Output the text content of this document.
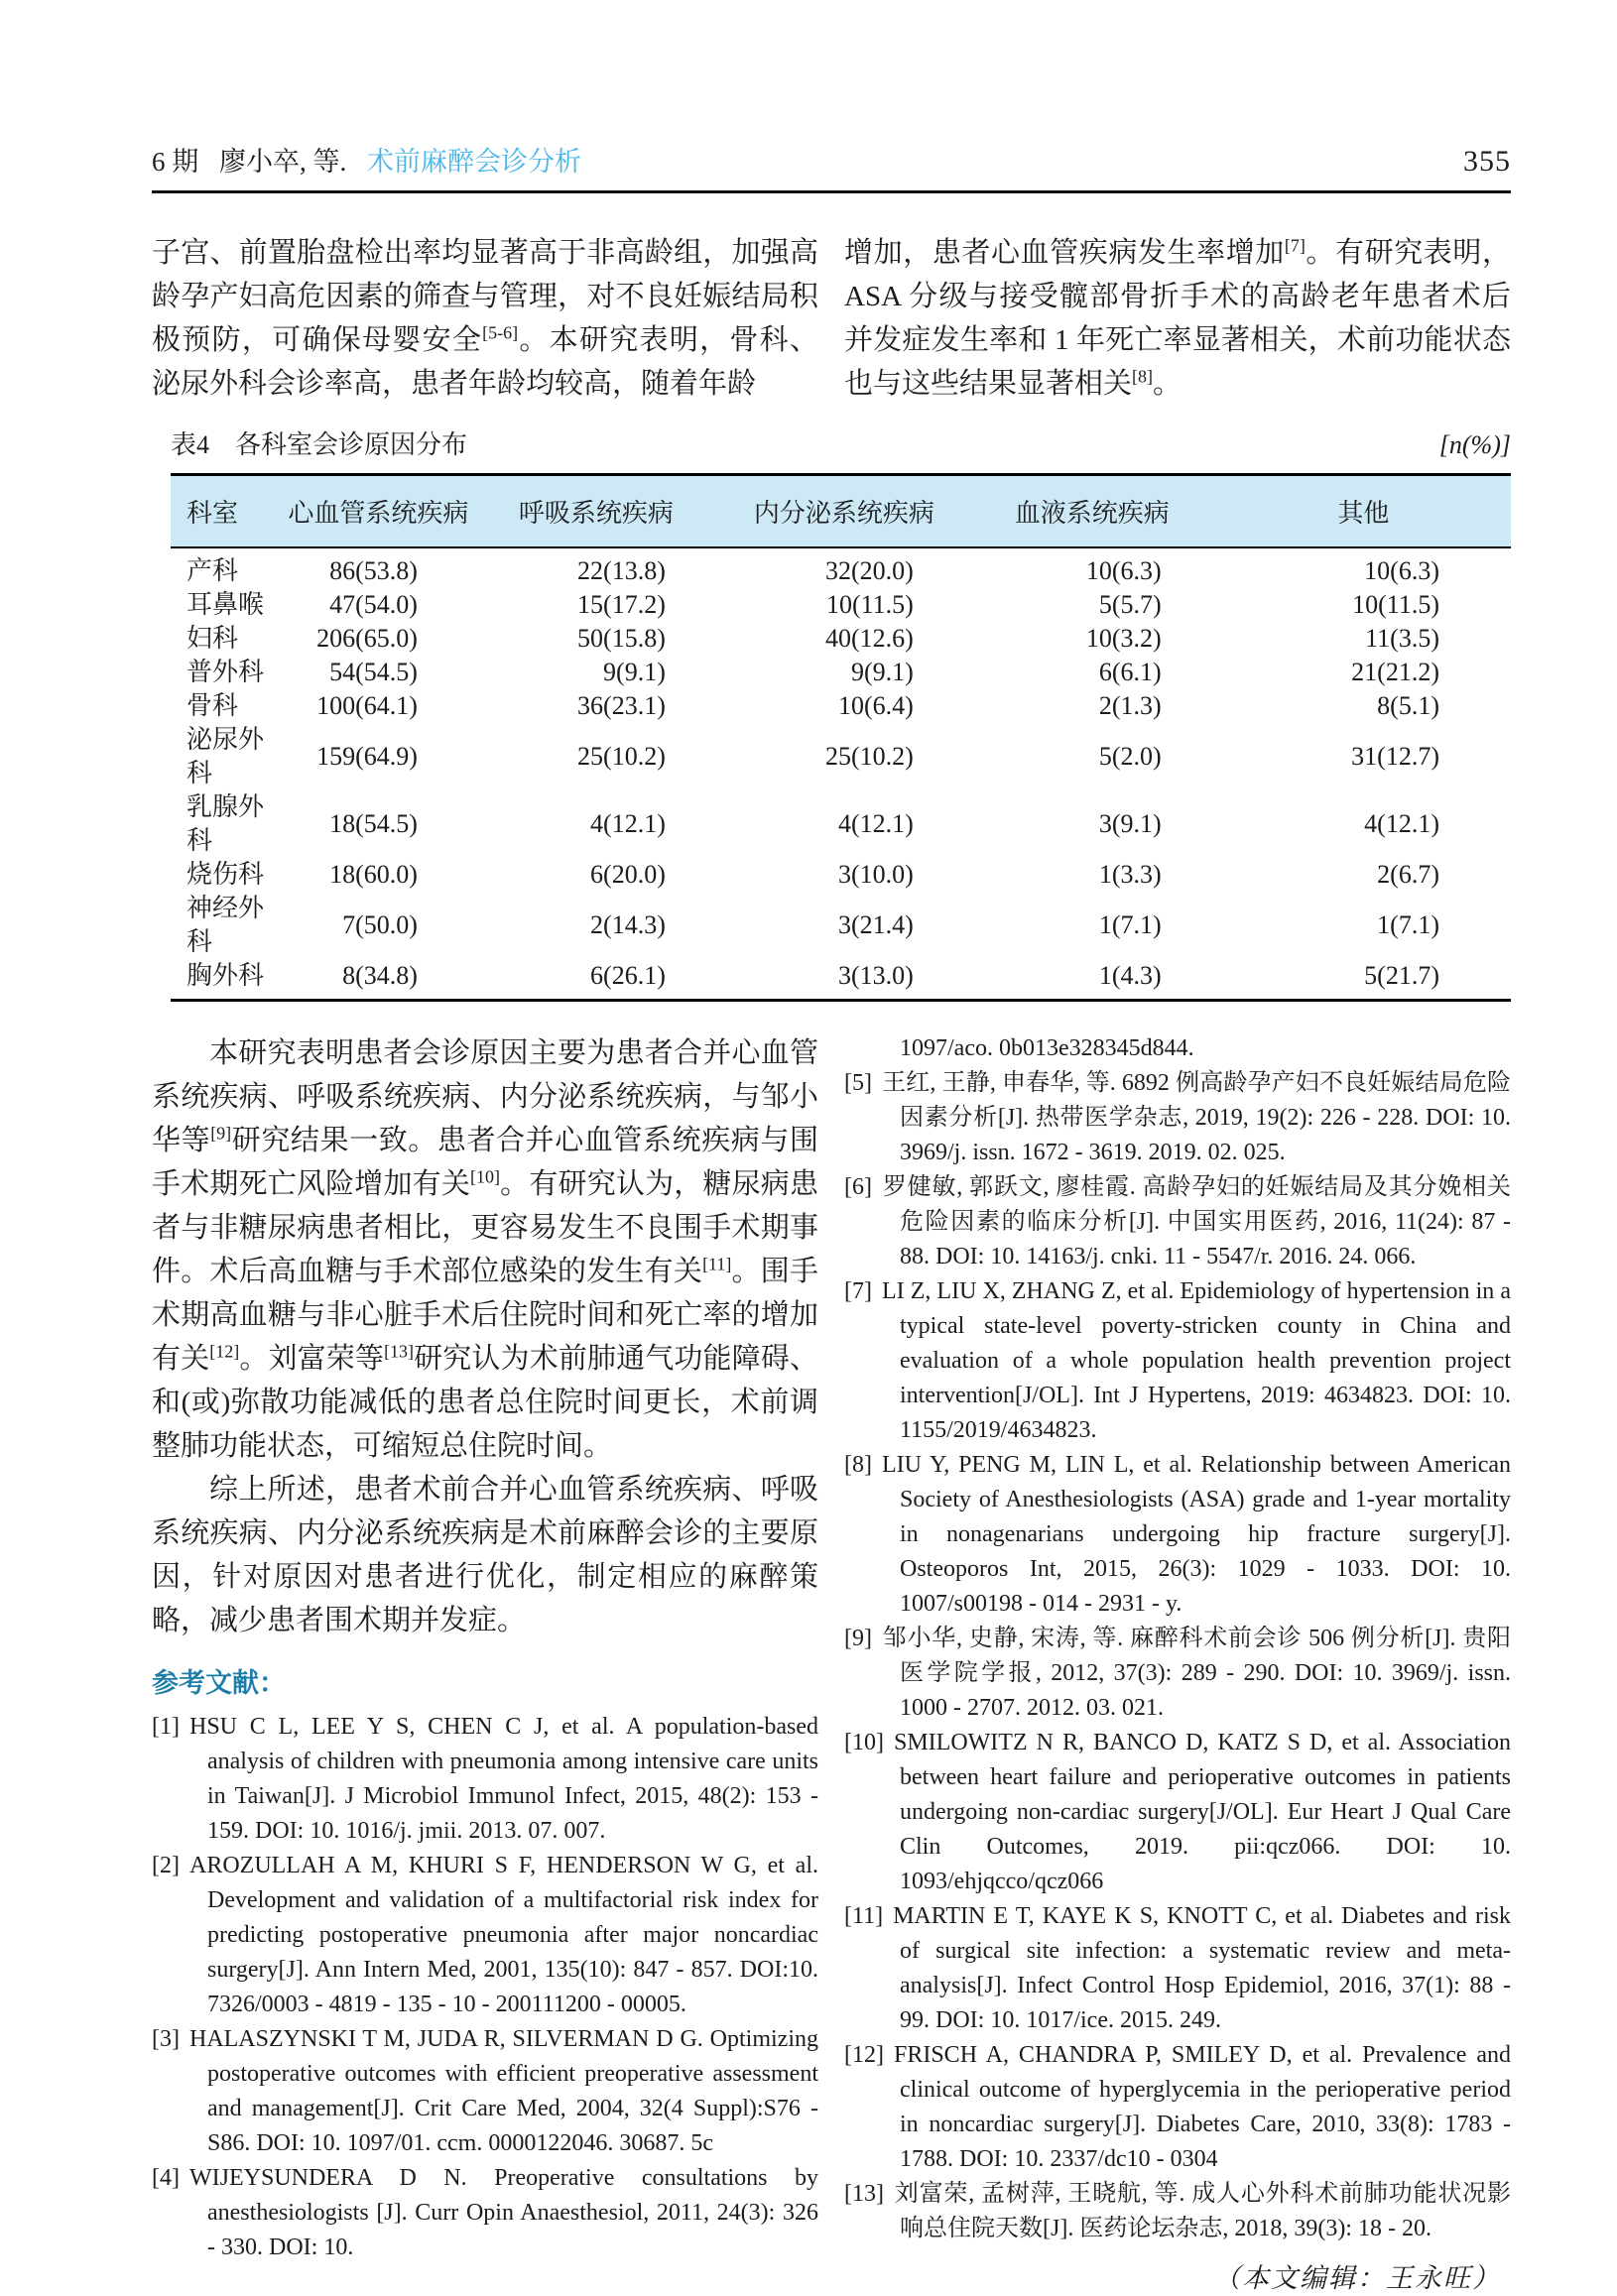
6 期 廖小卒, 等. 术前麻醉会诊分析	355

子宫、前置胎盘检出率均显著高于非高龄组，加强高龄孕产妇高危因素的筛查与管理，对不良妊娠结局积极预防，可确保母婴安全[5-6]。本研究表明，骨科、泌尿外科会诊率高，患者年龄均较高，随着年龄

增加，患者心血管疾病发生率增加[7]。有研究表明，ASA 分级与接受髋部骨折手术的高龄老年患者术后并发症发生率和 1 年死亡率显著相关，术前功能状态也与这些结果显著相关[8]。

表4　各科室会诊原因分布	[n(%)]
科室	心血管系统疾病	呼吸系统疾病	内分泌系统疾病	血液系统疾病	其他
产科	86(53.8)	22(13.8)	32(20.0)	10(6.3)	10(6.3)
耳鼻喉	47(54.0)	15(17.2)	10(11.5)	5(5.7)	10(11.5)
妇科	206(65.0)	50(15.8)	40(12.6)	10(3.2)	11(3.5)
普外科	54(54.5)	9(9.1)	9(9.1)	6(6.1)	21(21.2)
骨科	100(64.1)	36(23.1)	10(6.4)	2(1.3)	8(5.1)
泌尿外科	159(64.9)	25(10.2)	25(10.2)	5(2.0)	31(12.7)
乳腺外科	18(54.5)	4(12.1)	4(12.1)	3(9.1)	4(12.1)
烧伤科	18(60.0)	6(20.0)	3(10.0)	1(3.3)	2(6.7)
神经外科	7(50.0)	2(14.3)	3(21.4)	1(7.1)	1(7.1)
胸外科	8(34.8)	6(26.1)	3(13.0)	1(4.3)	5(21.7)

本研究表明患者会诊原因主要为患者合并心血管系统疾病、呼吸系统疾病、内分泌系统疾病，与邹小华等[9]研究结果一致。患者合并心血管系统疾病与围手术期死亡风险增加有关[10]。有研究认为，糖尿病患者与非糖尿病患者相比，更容易发生不良围手术期事件。术后高血糖与手术部位感染的发生有关[11]。围手术期高血糖与非心脏手术后住院时间和死亡率的增加有关[12]。刘富荣等[13]研究认为术前肺通气功能障碍、和(或)弥散功能减低的患者总住院时间更长，术前调整肺功能状态，可缩短总住院时间。

综上所述，患者术前合并心血管系统疾病、呼吸系统疾病、内分泌系统疾病是术前麻醉会诊的主要原因，针对原因对患者进行优化，制定相应的麻醉策略，减少患者围术期并发症。

参考文献：
[1] HSU C L, LEE Y S, CHEN C J, et al. A population-based analysis of children with pneumonia among intensive care units in Taiwan[J]. J Microbiol Immunol Infect, 2015, 48(2): 153 - 159. DOI: 10. 1016/j. jmii. 2013. 07. 007.
[2] AROZULLAH A M, KHURI S F, HENDERSON W G, et al. Development and validation of a multifactorial risk index for predicting postoperative pneumonia after major noncardiac surgery[J]. Ann Intern Med, 2001, 135(10): 847 - 857. DOI:10. 7326/0003 - 4819 - 135 - 10 - 200111200 - 00005.
[3] HALASZYNSKI T M, JUDA R, SILVERMAN D G. Optimizing postoperative outcomes with efficient preoperative assessment and management[J]. Crit Care Med, 2004, 32(4 Suppl):S76 - S86. DOI: 10. 1097/01. ccm. 0000122046. 30687. 5c
[4] WIJEYSUNDERA D N. Preoperative consultations by anesthesiologists [J]. Curr Opin Anaesthesiol, 2011, 24(3): 326 - 330. DOI: 10.
1097/aco. 0b013e328345d844.
[5] 王红, 王静, 申春华, 等. 6892 例高龄孕产妇不良妊娠结局危险因素分析[J]. 热带医学杂志, 2019, 19(2): 226 - 228. DOI: 10. 3969/j. issn. 1672 - 3619. 2019. 02. 025.
[6] 罗健敏, 郭跃文, 廖桂霞. 高龄孕妇的妊娠结局及其分娩相关危险因素的临床分析[J]. 中国实用医药, 2016, 11(24): 87 - 88. DOI: 10. 14163/j. cnki. 11 - 5547/r. 2016. 24. 066.
[7] LI Z, LIU X, ZHANG Z, et al. Epidemiology of hypertension in a typical state-level poverty-stricken county in China and evaluation of a whole population health prevention project intervention[J/OL]. Int J Hypertens, 2019: 4634823. DOI: 10. 1155/2019/4634823.
[8] LIU Y, PENG M, LIN L, et al. Relationship between American Society of Anesthesiologists (ASA) grade and 1-year mortality in nonagenarians undergoing hip fracture surgery[J]. Osteoporos Int, 2015, 26(3): 1029 - 1033. DOI: 10. 1007/s00198 - 014 - 2931 - y.
[9] 邹小华, 史静, 宋涛, 等. 麻醉科术前会诊 506 例分析[J]. 贵阳医学院学报, 2012, 37(3): 289 - 290. DOI: 10. 3969/j. issn. 1000 - 2707. 2012. 03. 021.
[10] SMILOWITZ N R, BANCO D, KATZ S D, et al. Association between heart failure and perioperative outcomes in patients undergoing non-cardiac surgery[J/OL]. Eur Heart J Qual Care Clin Outcomes, 2019. pii:qcz066. DOI: 10. 1093/ehjqcco/qcz066
[11] MARTIN E T, KAYE K S, KNOTT C, et al. Diabetes and risk of surgical site infection: a systematic review and meta-analysis[J]. Infect Control Hosp Epidemiol, 2016, 37(1): 88 - 99. DOI: 10. 1017/ice. 2015. 249.
[12] FRISCH A, CHANDRA P, SMILEY D, et al. Prevalence and clinical outcome of hyperglycemia in the perioperative period in noncardiac surgery[J]. Diabetes Care, 2010, 33(8): 1783 - 1788. DOI: 10. 2337/dc10 - 0304
[13] 刘富荣, 孟树萍, 王晓航, 等. 成人心外科术前肺功能状况影响总住院天数[J]. 医药论坛杂志, 2018, 39(3): 18 - 20.
（本文编辑：王永旺）
